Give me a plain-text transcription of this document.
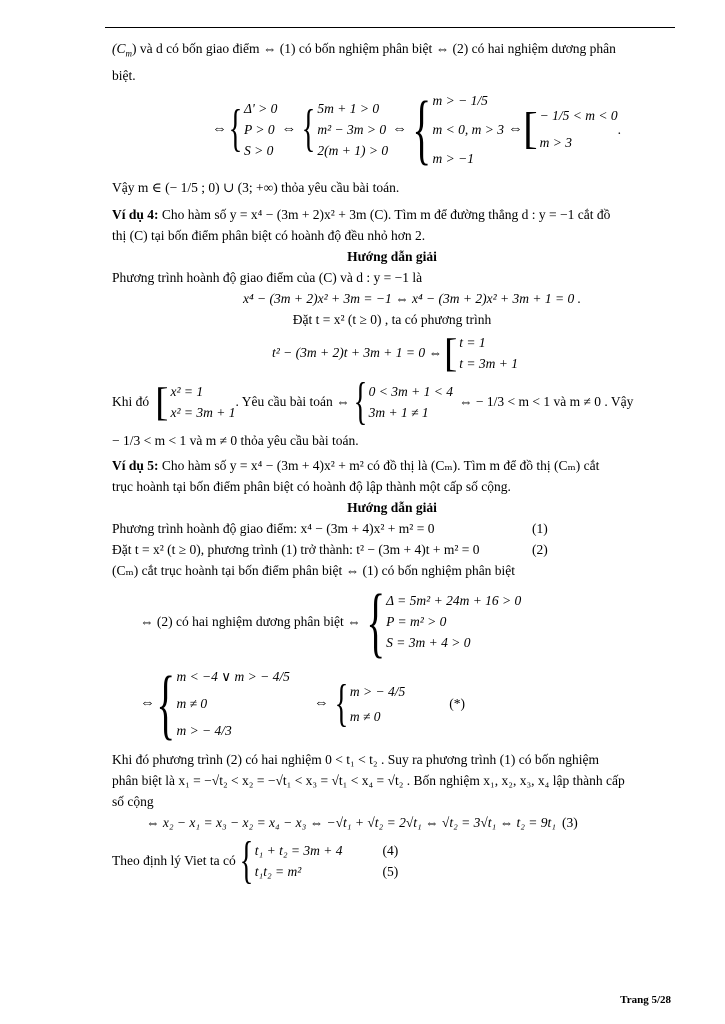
$(C_m)$ và d có bốn giao điểm ⇔ (1) có bốn nghiệm phân biệt ⇔ (2) có hai nghiệm dương phân

biệt.

⇔ { Δ' > 0
P > 0
S > 0
⇔ { 5m + 1 > 0
m² − 3m > 0
2(m + 1) > 0
⇔ { m > − 1/5
m < 0, m > 3
m > −1
⇔ [ − 1/5 < m < 0
m > 3
.

Vậy m ∈ (− 1/5 ; 0) ∪ (3; +∞) thỏa yêu cầu bài toán.

Ví dụ 4: Cho hàm số y = x⁴ − (3m + 2)x² + 3m (C). Tìm m để đường thẳng d : y = −1 cắt đồ

thị (C) tại bốn điểm phân biệt có hoành độ đều nhỏ hơn 2.

Hướng dẫn giải

Phương trình hoành độ giao điểm của (C) và d : y = −1 là

x⁴ − (3m + 2)x² + 3m = −1 ⇔ x⁴ − (3m + 2)x² + 3m + 1 = 0 .

Đặt t = x² (t ≥ 0) , ta có phương trình

t² − (3m + 2)t + 3m + 1 = 0 ⇔ [ t = 1
t = 3m + 1
Khi đó [ x² = 1
x² = 3m + 1
. Yêu cầu bài toán ⇔ { 0 < 3m + 1 < 4
3m + 1 ≠ 1
⇔ − 1/3 < m < 1 và m ≠ 0 . Vậy

− 1/3 < m < 1 và m ≠ 0 thỏa yêu cầu bài toán.

Ví dụ 5: Cho hàm số y = x⁴ − (3m + 4)x² + m² có đồ thị là (Cₘ). Tìm m để đồ thị (Cₘ) cắt

trục hoành tại bốn điểm phân biệt có hoành độ lập thành một cấp số cộng.

Hướng dẫn giải

Phương trình hoành độ giao điểm: x⁴ − (3m + 4)x² + m² = 0	(1)
Đặt t = x² (t ≥ 0), phương trình (1) trở thành: t² − (3m + 4)t + m² = 0	(2)

(Cₘ) cắt trục hoành tại bốn điểm phân biệt ⇔ (1) có bốn nghiệm phân biệt

⇔ (2) có hai nghiệm dương phân biệt ⇔ { Δ = 5m² + 24m + 16 > 0
P = m² > 0
S = 3m + 4 > 0
⇔ { m < −4 ∨ m > − 4/5
m ≠ 0
m > − 4/3
⇔ { m > − 4/5
m ≠ 0
(*)

Khi đó phương trình (2) có hai nghiệm 0 < t₁ < t₂ . Suy ra phương trình (1) có bốn nghiệm

phân biệt là x₁ = −√t₂ < x₂ = −√t₁ < x₃ = √t₁ < x₄ = √t₂ . Bốn nghiệm x₁, x₂, x₃, x₄ lập thành cấp

số cộng

⇔ x₂ − x₁ = x₃ − x₂ = x₄ − x₃ ⇔ −√t₁ + √t₂ = 2√t₁ ⇔ √t₂ = 3√t₁ ⇔ t₂ = 9t₁ (3)
Theo định lý Viet ta có { t₁ + t₂ = 3m + 4
t₁t₂ = m²
(4)
(5)
Trang 5/28
